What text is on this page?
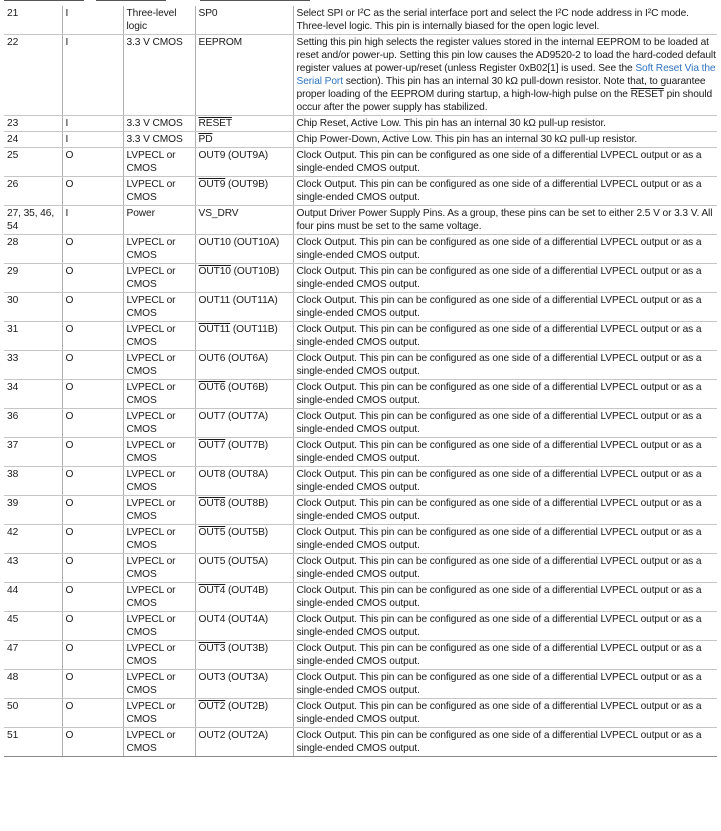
21	I	Three-level logic	SP0	Select SPI or I²C as the serial interface port and select the I²C node address in I²C mode. Three-level logic. This pin is internally biased for the open logic level.
22	I	3.3 V CMOS	EEPROM	Setting this pin high selects the register values stored in the internal EEPROM to be loaded at reset and/or power-up. Setting this pin low causes the AD9520-2 to load the hard-coded default register values at power-up/reset (unless Register 0xB02[1] is used. See the Soft Reset Via the Serial Port section). This pin has an internal 30 kΩ pull-down resistor. Note that, to guarantee proper loading of the EEPROM during startup, a high-low-high pulse on the RESET pin should occur after the power supply has stabilized.
23	I	3.3 V CMOS	RESET	Chip Reset, Active Low. This pin has an internal 30 kΩ pull-up resistor.
24	I	3.3 V CMOS	$\overline{PD}$	Chip Power-Down, Active Low. This pin has an internal 30 kΩ pull-up resistor.
25	O	LVPECL or CMOS	OUT9 (OUT9A)	Clock Output. This pin can be configured as one side of a differential LVPECL output or as a single-ended CMOS output.
26	O	LVPECL or CMOS	OUT9 (OUT9B)	Clock Output. This pin can be configured as one side of a differential LVPECL output or as a single-ended CMOS output.
27, 35, 46, 54	I	Power	VS_DRV	Output Driver Power Supply Pins. As a group, these pins can be set to either 2.5 V or 3.3 V. All four pins must be set to the same voltage.
28	O	LVPECL or CMOS	OUT10 (OUT10A)	Clock Output. This pin can be configured as one side of a differential LVPECL output or as a single-ended CMOS output.
29	O	LVPECL or CMOS	OUT10 (OUT10B)	Clock Output. This pin can be configured as one side of a differential LVPECL output or as a single-ended CMOS output.
30	O	LVPECL or CMOS	OUT11 (OUT11A)	Clock Output. This pin can be configured as one side of a differential LVPECL output or as a single-ended CMOS output.
31	O	LVPECL or CMOS	OUT11 (OUT11B)	Clock Output. This pin can be configured as one side of a differential LVPECL output or as a single-ended CMOS output.
33	O	LVPECL or CMOS	OUT6 (OUT6A)	Clock Output. This pin can be configured as one side of a differential LVPECL output or as a single-ended CMOS output.
34	O	LVPECL or CMOS	OUT6 (OUT6B)	Clock Output. This pin can be configured as one side of a differential LVPECL output or as a single-ended CMOS output.
36	O	LVPECL or CMOS	OUT7 (OUT7A)	Clock Output. This pin can be configured as one side of a differential LVPECL output or as a single-ended CMOS output.
37	O	LVPECL or CMOS	OUT7 (OUT7B)	Clock Output. This pin can be configured as one side of a differential LVPECL output or as a single-ended CMOS output.
38	O	LVPECL or CMOS	OUT8 (OUT8A)	Clock Output. This pin can be configured as one side of a differential LVPECL output or as a single-ended CMOS output.
39	O	LVPECL or CMOS	OUT8 (OUT8B)	Clock Output. This pin can be configured as one side of a differential LVPECL output or as a single-ended CMOS output.
42	O	LVPECL or CMOS	OUT5 (OUT5B)	Clock Output. This pin can be configured as one side of a differential LVPECL output or as a single-ended CMOS output.
43	O	LVPECL or CMOS	OUT5 (OUT5A)	Clock Output. This pin can be configured as one side of a differential LVPECL output or as a single-ended CMOS output.
44	O	LVPECL or CMOS	OUT4 (OUT4B)	Clock Output. This pin can be configured as one side of a differential LVPECL output or as a single-ended CMOS output.
45	O	LVPECL or CMOS	OUT4 (OUT4A)	Clock Output. This pin can be configured as one side of a differential LVPECL output or as a single-ended CMOS output.
47	O	LVPECL or CMOS	OUT3 (OUT3B)	Clock Output. This pin can be configured as one side of a differential LVPECL output or as a single-ended CMOS output.
48	O	LVPECL or CMOS	OUT3 (OUT3A)	Clock Output. This pin can be configured as one side of a differential LVPECL output or as a single-ended CMOS output.
50	O	LVPECL or CMOS	OUT2 (OUT2B)	Clock Output. This pin can be configured as one side of a differential LVPECL output or as a single-ended CMOS output.
51	O	LVPECL or CMOS	OUT2 (OUT2A)	Clock Output. This pin can be configured as one side of a differential LVPECL output or as a single-ended CMOS output.
